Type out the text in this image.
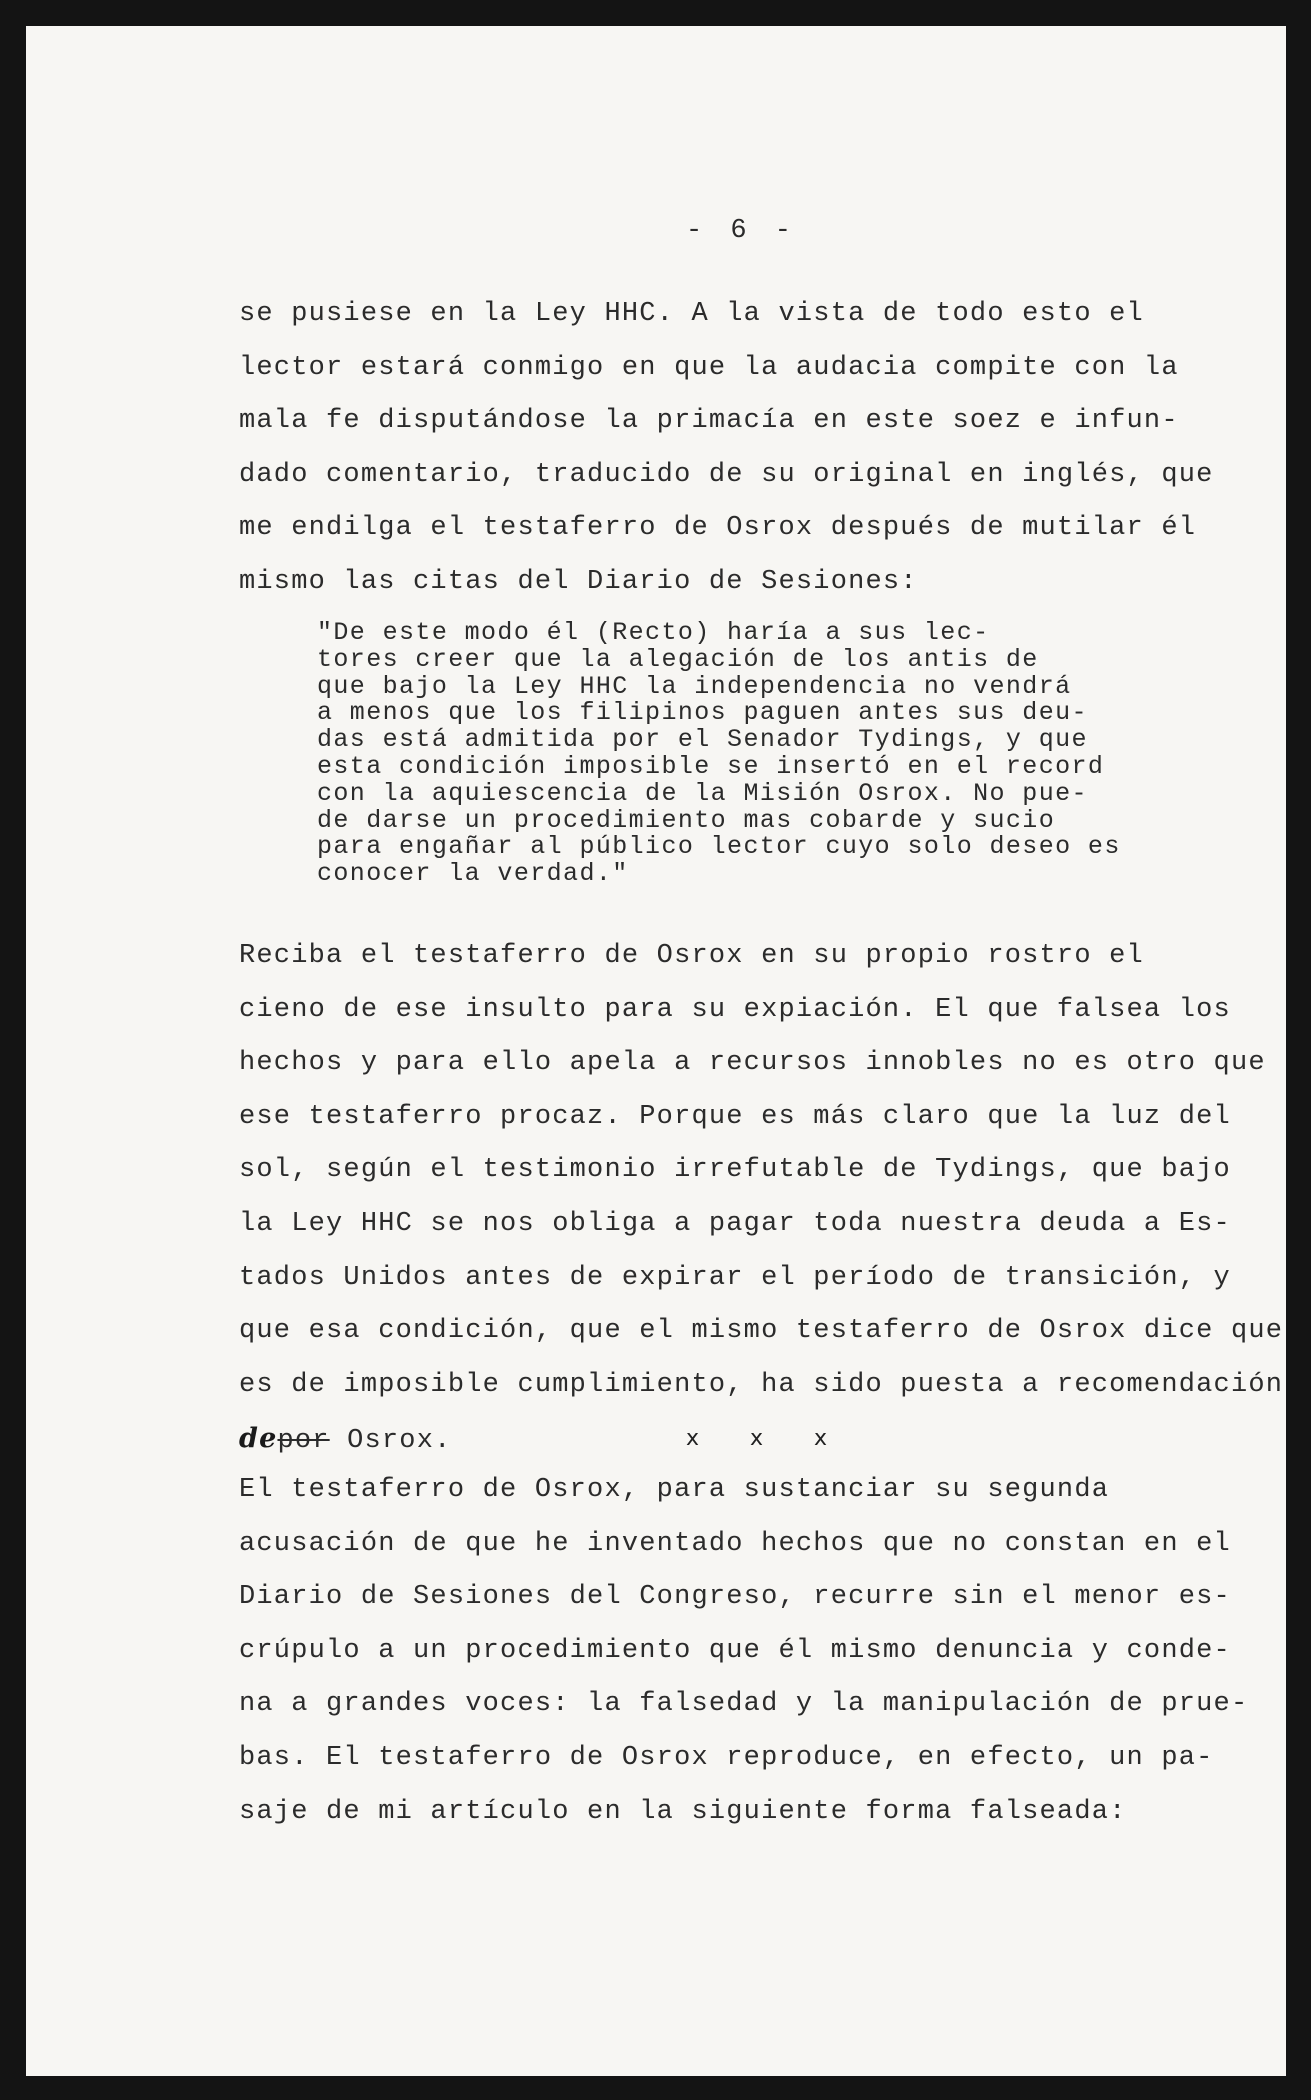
- 6 -
se pusiese en la Ley HHC. A la vista de todo esto el
lector estará conmigo en que la audacia compite con la
mala fe disputándose la primacía en este soez e infun-
dado comentario, traducido de su original en inglés, que
me endilga el testaferro de Osrox después de mutilar él
mismo las citas del Diario de Sesiones:
"De este modo él (Recto) haría a sus lec-
tores creer que la alegación de los antis de
que bajo la Ley HHC la independencia no vendrá
a menos que los filipinos paguen antes sus deu-
das está admitida por el Senador Tydings, y que
esta condición imposible se insertó en el record
con la aquiescencia de la Misión Osrox. No pue-
de darse un procedimiento mas cobarde y sucio
para engañar al público lector cuyo solo deseo es
conocer la verdad."
Reciba el testaferro de Osrox en su propio rostro el
cieno de ese insulto para su expiación. El que falsea los
hechos y para ello apela a recursos innobles no es otro que
ese testaferro procaz. Porque es más claro que la luz del
sol, según el testimonio irrefutable de Tydings, que bajo
la Ley HHC se nos obliga a pagar toda nuestra deuda a Es-
tados Unidos antes de expirar el período de transición, y
que esa condición, que el mismo testaferro de Osrox dice que
es de imposible cumplimiento, ha sido puesta a recomendación
depor Osrox.	x x x
El testaferro de Osrox, para sustanciar su segunda
acusación de que he inventado hechos que no constan en el
Diario de Sesiones del Congreso, recurre sin el menor es-
crúpulo a un procedimiento que él mismo denuncia y conde-
na a grandes voces: la falsedad y la manipulación de prue-
bas. El testaferro de Osrox reproduce, en efecto, un pa-
saje de mi artículo en la siguiente forma falseada:
